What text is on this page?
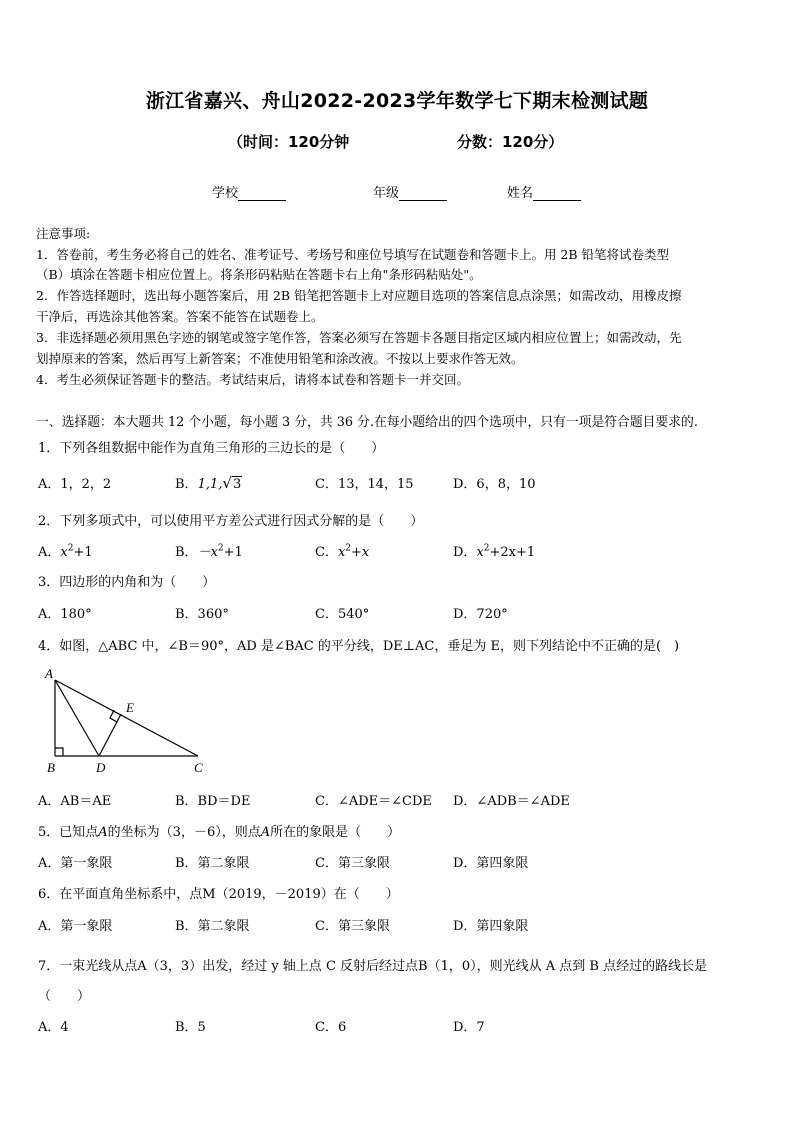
浙江省嘉兴、舟山2022-2023学年数学七下期末检测试题
（时间：120分钟	分数：120分）
学校	年级	姓名
注意事项:
1．答卷前，考生务必将自己的姓名、准考证号、考场号和座位号填写在试题卷和答题卡上。用 2B 铅笔将试卷类型
（B）填涂在答题卡相应位置上。将条形码粘贴在答题卡右上角"条形码粘贴处"。
2．作答选择题时，选出每小题答案后，用 2B 铅笔把答题卡上对应题目选项的答案信息点涂黑；如需改动，用橡皮擦
干净后，再选涂其他答案。答案不能答在试题卷上。
3．非选择题必须用黑色字迹的钢笔或签字笔作答，答案必须写在答题卡各题目指定区域内相应位置上；如需改动，先
划掉原来的答案，然后再写上新答案；不准使用铅笔和涂改液。不按以上要求作答无效。
4．考生必须保证答题卡的整洁。考试结束后，请将本试卷和答题卡一并交回。
一、选择题：本大题共 12 个小题，每小题 3 分，共 36 分.在每小题给出的四个选项中，只有一项是符合题目要求的.
1．下列各组数据中能作为直角三角形的三边长的是（　　）
A．1，2，2	B．1,1,√3	C．13，14，15	D．6，8，10
2．下列多项式中，可以使用平方差公式进行因式分解的是（　　）
A．$x^2+1$	B．$-x^2+1$	C．$x^2+x$	D．$x^2+2x+1$
3．四边形的内角和为（　　）
A．180°	B．360°	C．540°	D．720°
4．如图，△ABC 中，∠B＝90°，AD 是∠BAC 的平分线，DE⊥AC，垂足为 E，则下列结论中不正确的是(　)
A
E
B	D	C
A．AB＝AE	B．BD＝DE	C．∠ADE＝∠CDE D．∠ADB＝∠ADE
5．已知点A的坐标为（3，－6），则点A所在的象限是（　　）
A．第一象限	B．第二象限	C．第三象限	D．第四象限
6．在平面直角坐标系中，点M（2019，－2019）在（　　）
A．第一象限	B．第二象限	C．第三象限	D．第四象限
7．一束光线从点A（3，3）出发，经过 y 轴上点 C 反射后经过点B（1，0），则光线从 A 点到 B 点经过的路线长是
（　　）
A．4	B．5	C．6	D．7
